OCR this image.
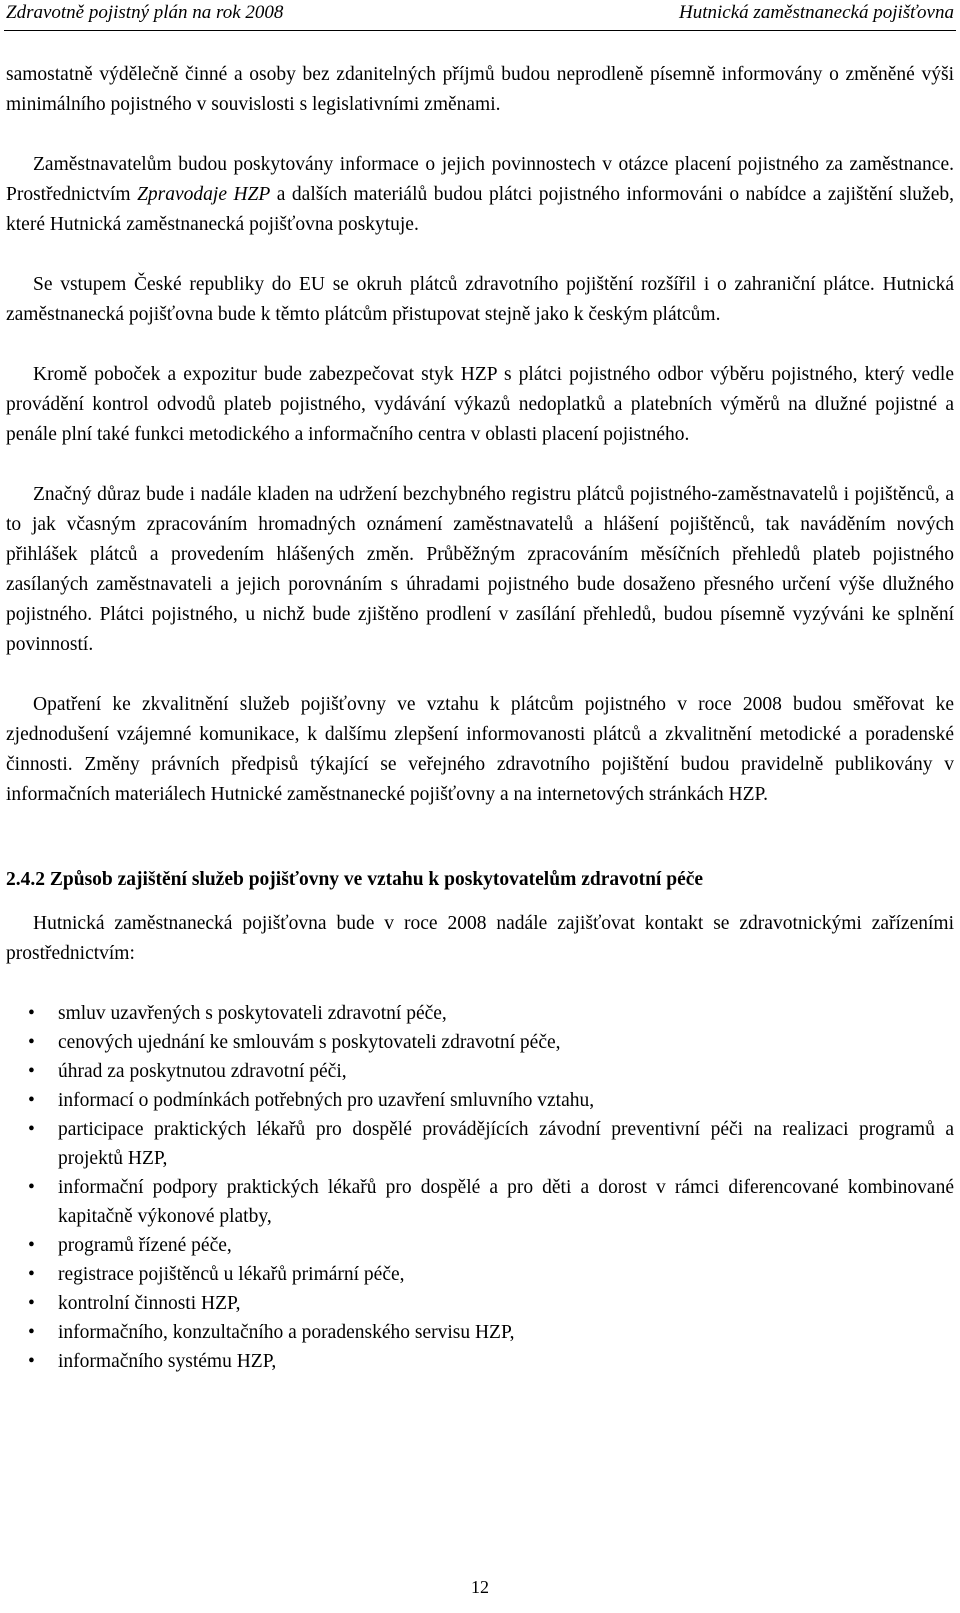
Zdravotně pojistný plán na rok 2008	Hutnická zaměstnanecká pojišťovna

samostatně výdělečně činné a osoby bez zdanitelných příjmů budou neprodleně písemně informovány o změněné výši minimálního pojistného v souvislosti s legislativními změnami.

Zaměstnavatelům budou poskytovány informace o jejich povinnostech v otázce placení pojistného za zaměstnance. Prostřednictvím Zpravodaje HZP a dalších materiálů budou plátci pojistného informováni o nabídce a zajištění služeb, které Hutnická zaměstnanecká pojišťovna poskytuje.

Se vstupem České republiky do EU se okruh plátců zdravotního pojištění rozšířil i o zahraniční plátce. Hutnická zaměstnanecká pojišťovna bude k těmto plátcům přistupovat stejně jako k českým plátcům.

Kromě poboček a expozitur bude zabezpečovat styk HZP s plátci pojistného odbor výběru pojistného, který vedle provádění kontrol odvodů plateb pojistného, vydávání výkazů nedoplatků a platebních výměrů na dlužné pojistné a penále plní také funkci metodického a informačního centra v oblasti placení pojistného.

Značný důraz bude i nadále kladen na udržení bezchybného registru plátců pojistného-zaměstnavatelů i pojištěnců, a to jak včasným zpracováním hromadných oznámení zaměstnavatelů a hlášení pojištěnců, tak naváděním nových přihlášek plátců a provedením hlášených změn. Průběžným zpracováním měsíčních přehledů plateb pojistného zasílaných zaměstnavateli a jejich porovnáním s úhradami pojistného bude dosaženo přesného určení výše dlužného pojistného. Plátci pojistného, u nichž bude zjištěno prodlení v zasílání přehledů, budou písemně vyzýváni ke splnění povinností.

Opatření ke zkvalitnění služeb pojišťovny ve vztahu k plátcům pojistného v roce 2008 budou směřovat ke zjednodušení vzájemné komunikace, k dalšímu zlepšení informovanosti plátců a zkvalitnění metodické a poradenské činnosti. Změny právních předpisů týkající se veřejného zdravotního pojištění budou pravidelně publikovány v informačních materiálech Hutnické zaměstnanecké pojišťovny a na internetových stránkách HZP.

2.4.2 Způsob zajištění služeb pojišťovny ve vztahu k poskytovatelům zdravotní péče

Hutnická zaměstnanecká pojišťovna bude v roce 2008 nadále zajišťovat kontakt se zdravotnickými zařízeními prostřednictvím:

• smluv uzavřených s poskytovateli zdravotní péče,
• cenových ujednání ke smlouvám s poskytovateli zdravotní péče,
• úhrad za poskytnutou zdravotní péči,
• informací o podmínkách potřebných pro uzavření smluvního vztahu,
• participace praktických lékařů pro dospělé provádějících závodní preventivní péči na realizaci programů a projektů HZP,
• informační podpory praktických lékařů pro dospělé a pro děti a dorost v rámci diferencované kombinované kapitačně výkonové platby,
• programů řízené péče,
• registrace pojištěnců u lékařů primární péče,
• kontrolní činnosti HZP,
• informačního, konzultačního a poradenského servisu HZP,
• informačního systému HZP,
12
